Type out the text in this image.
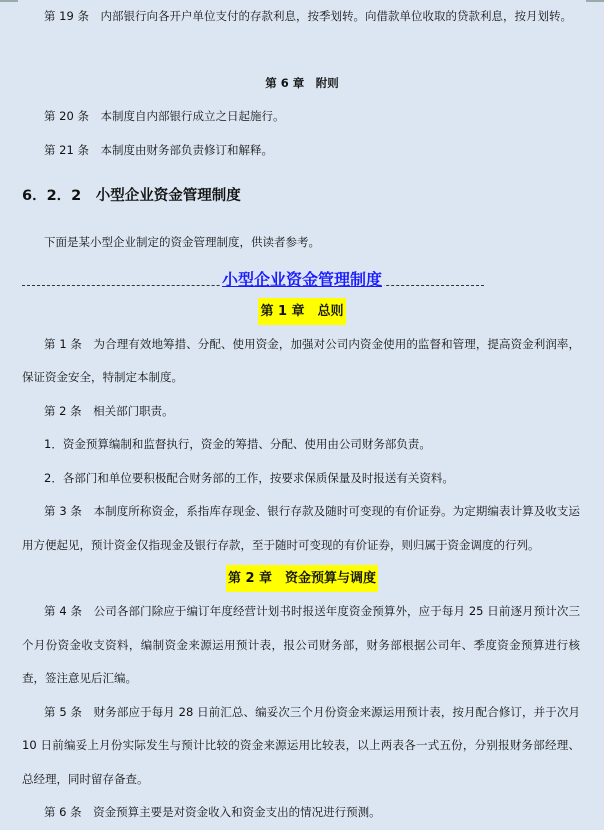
第 19 条　内部银行向各开户单位支付的存款利息，按季划转。向借款单位收取的贷款利息，按月划转。
第 6 章　附则
第 20 条　本制度自内部银行成立之日起施行。
第 21 条　本制度由财务部负责修订和解释。
6．2．2　小型企业资金管理制度
下面是某小型企业制定的资金管理制度，供读者参考。
小型企业资金管理制度
第 1 章　总则
第 1 条　为合理有效地筹措、分配、使用资金，加强对公司内资金使用的监督和管理，提高资金利润率，保证资金安全，特制定本制度。
第 2 条　相关部门职责。
1．资金预算编制和监督执行，资金的筹措、分配、使用由公司财务部负责。
2．各部门和单位要积极配合财务部的工作，按要求保质保量及时报送有关资料。
第 3 条　本制度所称资金，系指库存现金、银行存款及随时可变现的有价证券。为定期编表计算及收支运用方便起见，预计资金仅指现金及银行存款，至于随时可变现的有价证券，则归属于资金调度的行列。
第 2 章　资金预算与调度
第 4 条　公司各部门除应于编订年度经营计划书时报送年度资金预算外，应于每月 25 日前逐月预计次三个月份资金收支资料，编制资金来源运用预计表，报公司财务部，财务部根据公司年、季度资金预算进行核查，签注意见后汇编。
第 5 条　财务部应于每月 28 日前汇总、编妥次三个月份资金来源运用预计表，按月配合修订，并于次月 10 日前编妥上月份实际发生与预计比较的资金来源运用比较表，以上两表各一式五份，分别报财务部经理、总经理，同时留存备查。
第 6 条　资金预算主要是对资金收入和资金支出的情况进行预测。
